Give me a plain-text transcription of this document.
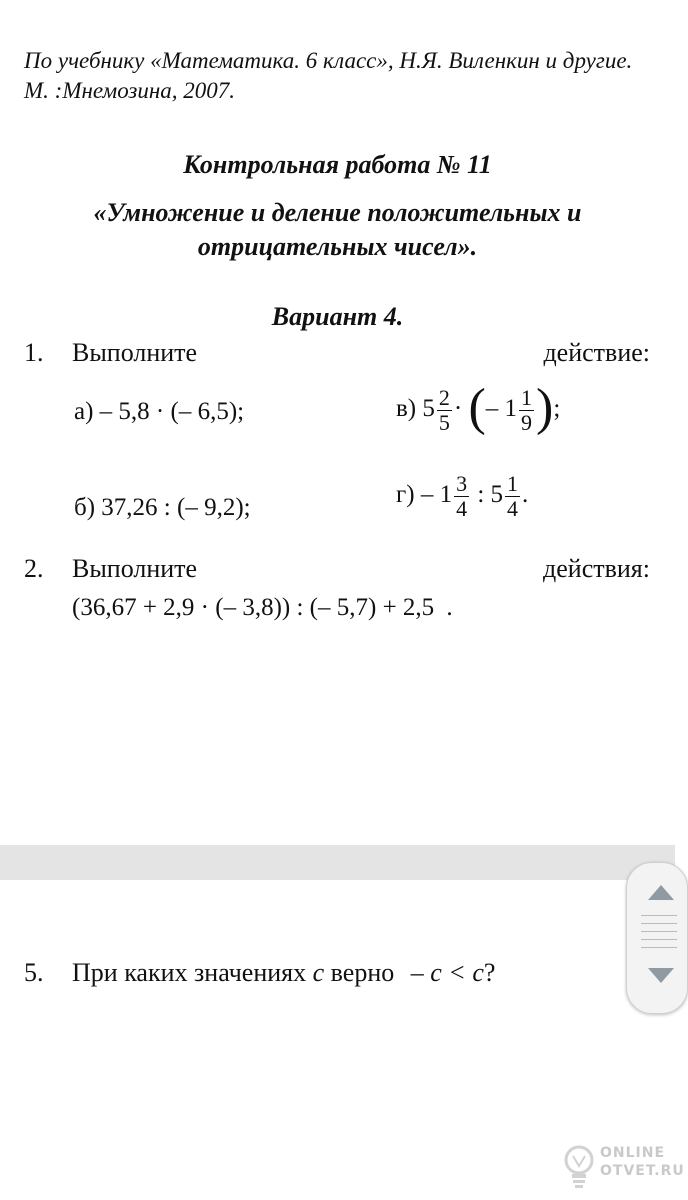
По учебнику «Математика. 6 класс», Н.Я. Виленкин и другие. М. :Мнемозина, 2007.
Контрольная работа № 11
«Умножение и деление положительных и отрицательных чисел».
Вариант 4.
1. Выполните	действие:
а) – 5,8 · (– 6,5);	в) $5 \frac{2}{5}$ · (– $1 \frac{1}{9}$ );
б) 37,26 : (– 9,2);	$г) - 1 \frac{3}{4}$ : $5 \frac{1}{4}$ .
2. Выполните	действия:
(36,67 + 2,9 · (– 3,8)) : (– 5,7) + 2,5 .
5. При каких значениях c верно – c < c?
ONLINE
OTVET.RU
